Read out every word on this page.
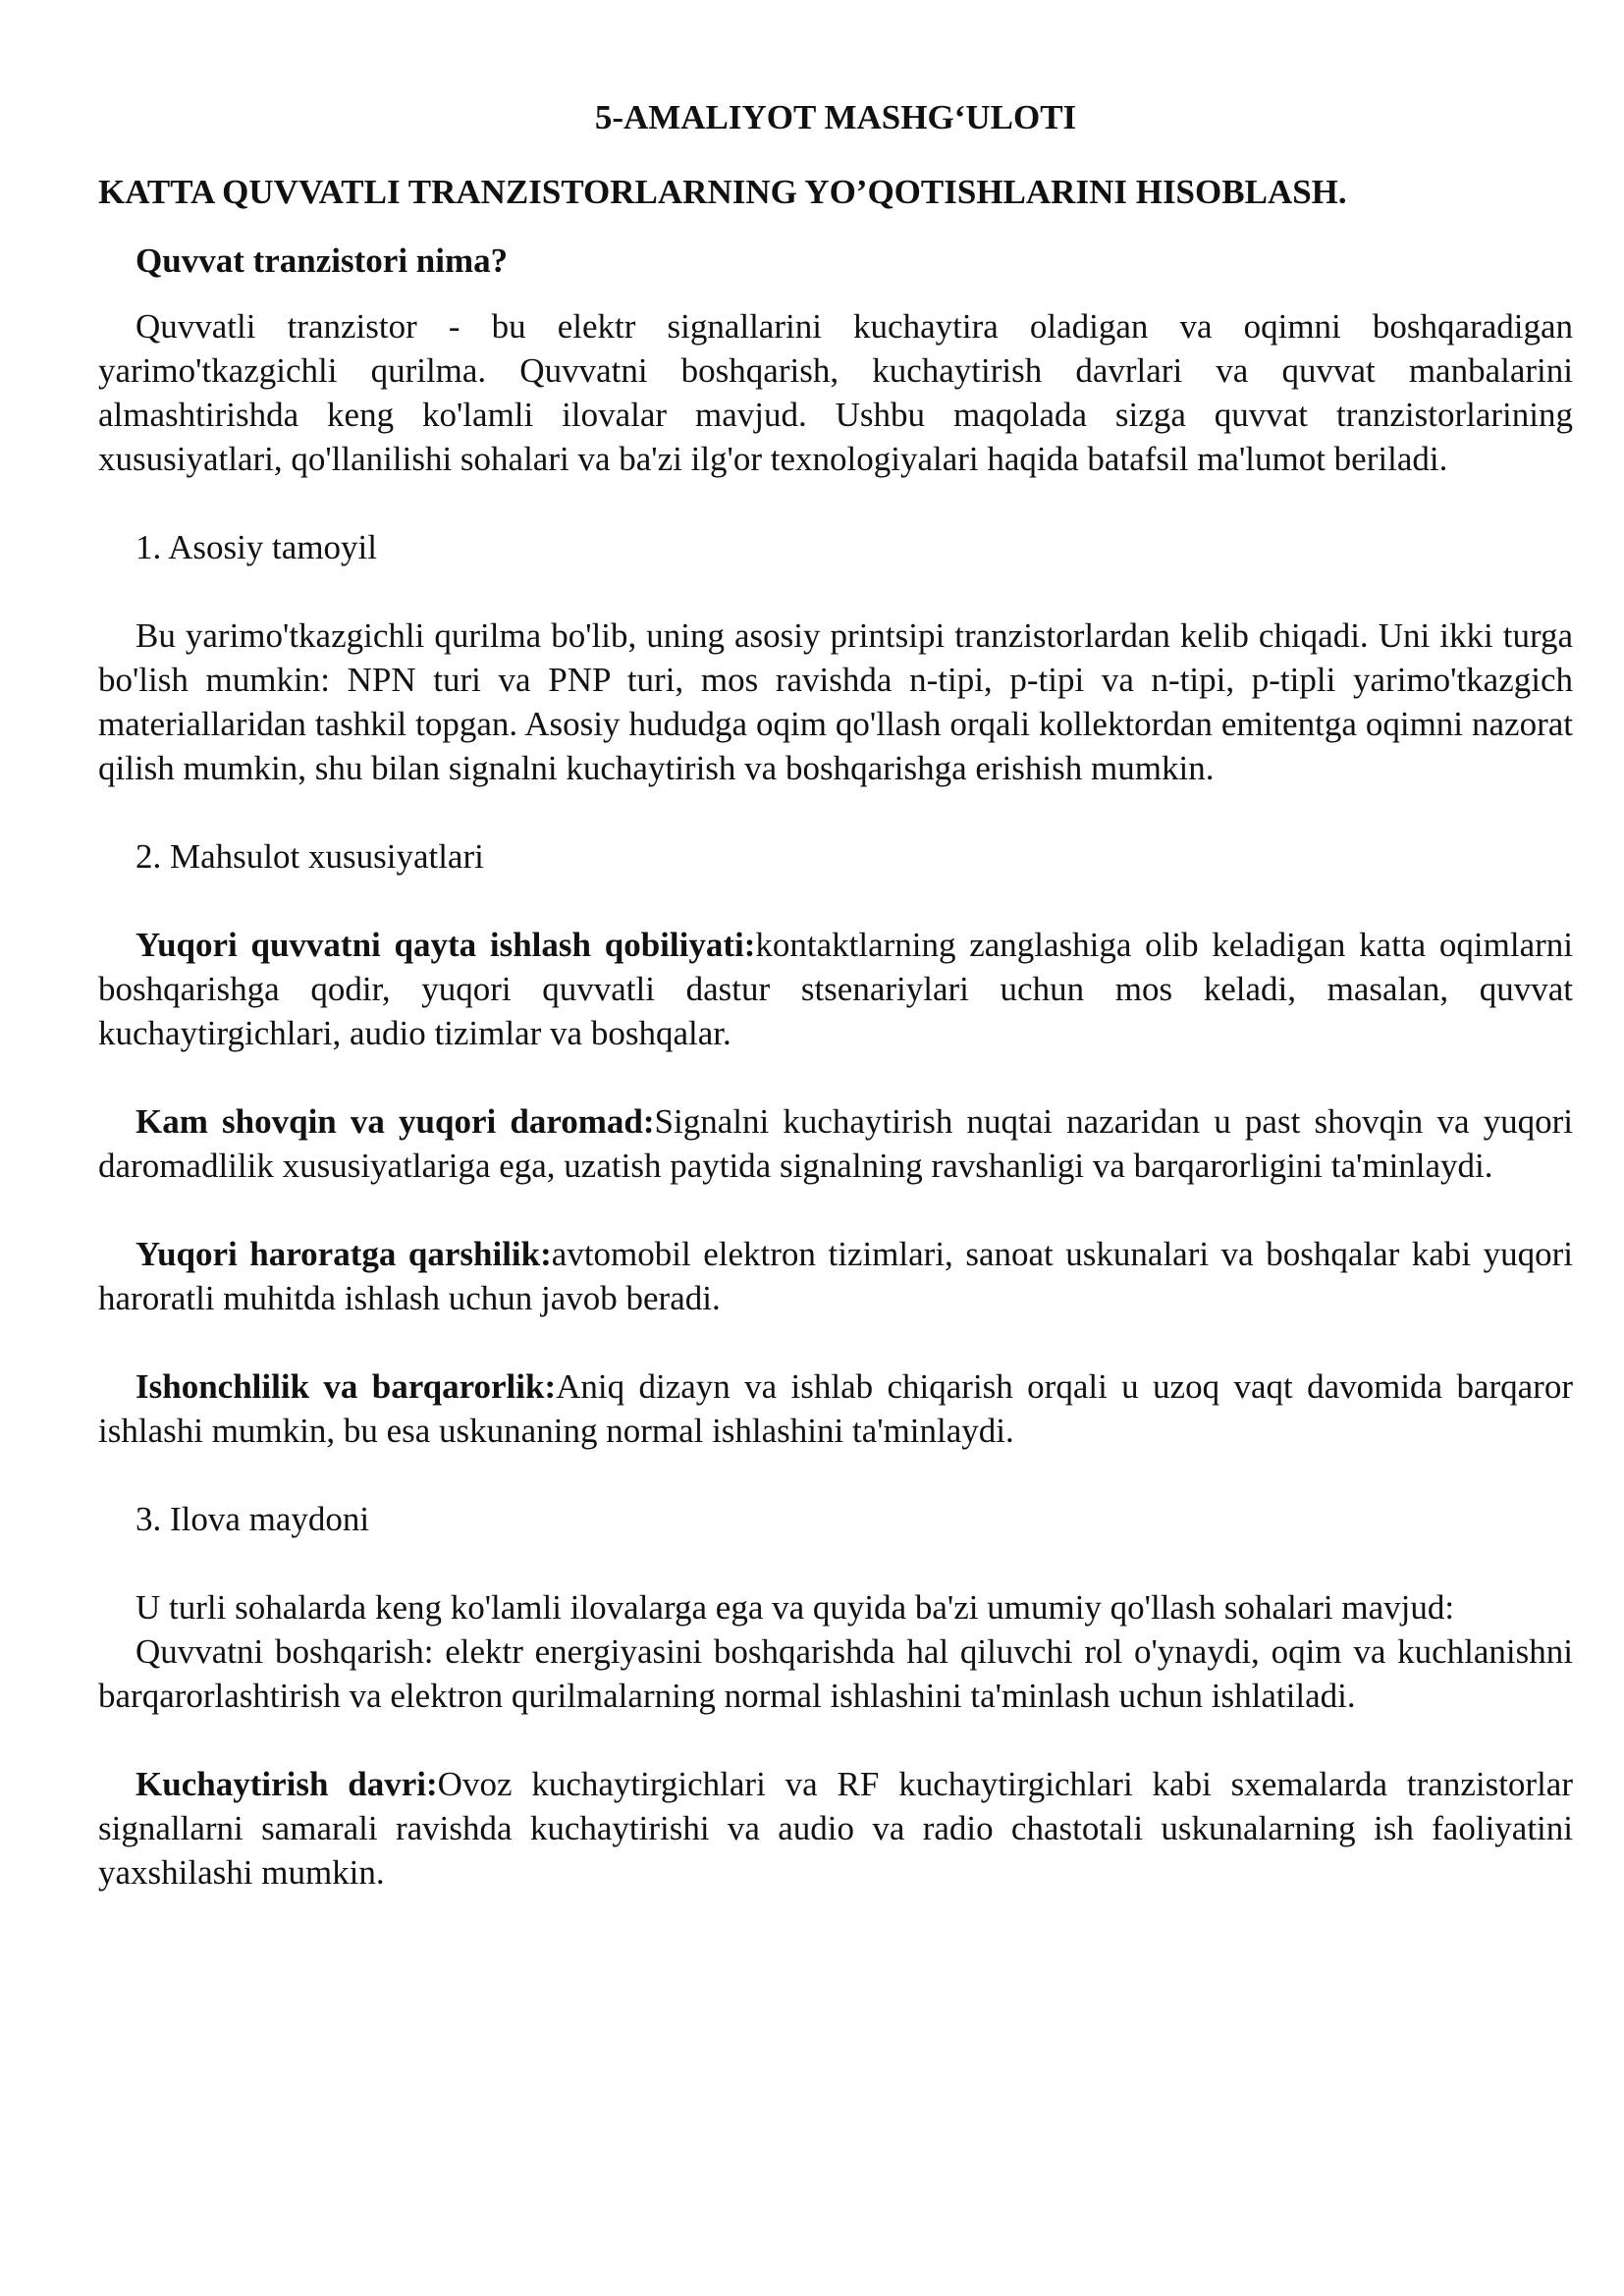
5-AMALIYOT MASHG‘ULOTI
KATTA QUVVATLI TRANZISTORLARNING YO’QOTISHLARINI HISOBLASH.
Quvvat tranzistori nima?

Quvvatli tranzistor - bu elektr signallarini kuchaytira oladigan va oqimni boshqaradigan yarimo'tkazgichli qurilma. Quvvatni boshqarish, kuchaytirish davrlari va quvvat manbalarini almashtirishda keng ko'lamli ilovalar mavjud. Ushbu maqolada sizga quvvat tranzistorlarining xususiyatlari, qo'llanilishi sohalari va ba'zi ilg'or texnologiyalari haqida batafsil ma'lumot beriladi.

1. Asosiy tamoyil

Bu yarimo'tkazgichli qurilma bo'lib, uning asosiy printsipi tranzistorlardan kelib chiqadi. Uni ikki turga bo'lish mumkin: NPN turi va PNP turi, mos ravishda n-tipi, p-tipi va n-tipi, p-tipli yarimo'tkazgich materiallaridan tashkil topgan. Asosiy hududga oqim qo'llash orqali kollektordan emitentga oqimni nazorat qilish mumkin, shu bilan signalni kuchaytirish va boshqarishga erishish mumkin.

2. Mahsulot xususiyatlari

Yuqori quvvatni qayta ishlash qobiliyati:kontaktlarning zanglashiga olib keladigan katta oqimlarni boshqarishga qodir, yuqori quvvatli dastur stsenariylari uchun mos keladi, masalan, quvvat kuchaytirgichlari, audio tizimlar va boshqalar.

Kam shovqin va yuqori daromad:Signalni kuchaytirish nuqtai nazaridan u past shovqin va yuqori daromadlilik xususiyatlariga ega, uzatish paytida signalning ravshanligi va barqarorligini ta'minlaydi.

Yuqori haroratga qarshilik:avtomobil elektron tizimlari, sanoat uskunalari va boshqalar kabi yuqori haroratli muhitda ishlash uchun javob beradi.

Ishonchlilik va barqarorlik:Aniq dizayn va ishlab chiqarish orqali u uzoq vaqt davomida barqaror ishlashi mumkin, bu esa uskunaning normal ishlashini ta'minlaydi.

3. Ilova maydoni

U turli sohalarda keng ko'lamli ilovalarga ega va quyida ba'zi umumiy qo'llash sohalari mavjud:

Quvvatni boshqarish: elektr energiyasini boshqarishda hal qiluvchi rol o'ynaydi, oqim va kuchlanishni barqarorlashtirish va elektron qurilmalarning normal ishlashini ta'minlash uchun ishlatiladi.

Kuchaytirish davri:Ovoz kuchaytirgichlari va RF kuchaytirgichlari kabi sxemalarda tranzistorlar signallarni samarali ravishda kuchaytirishi va audio va radio chastotali uskunalarning ish faoliyatini yaxshilashi mumkin.
